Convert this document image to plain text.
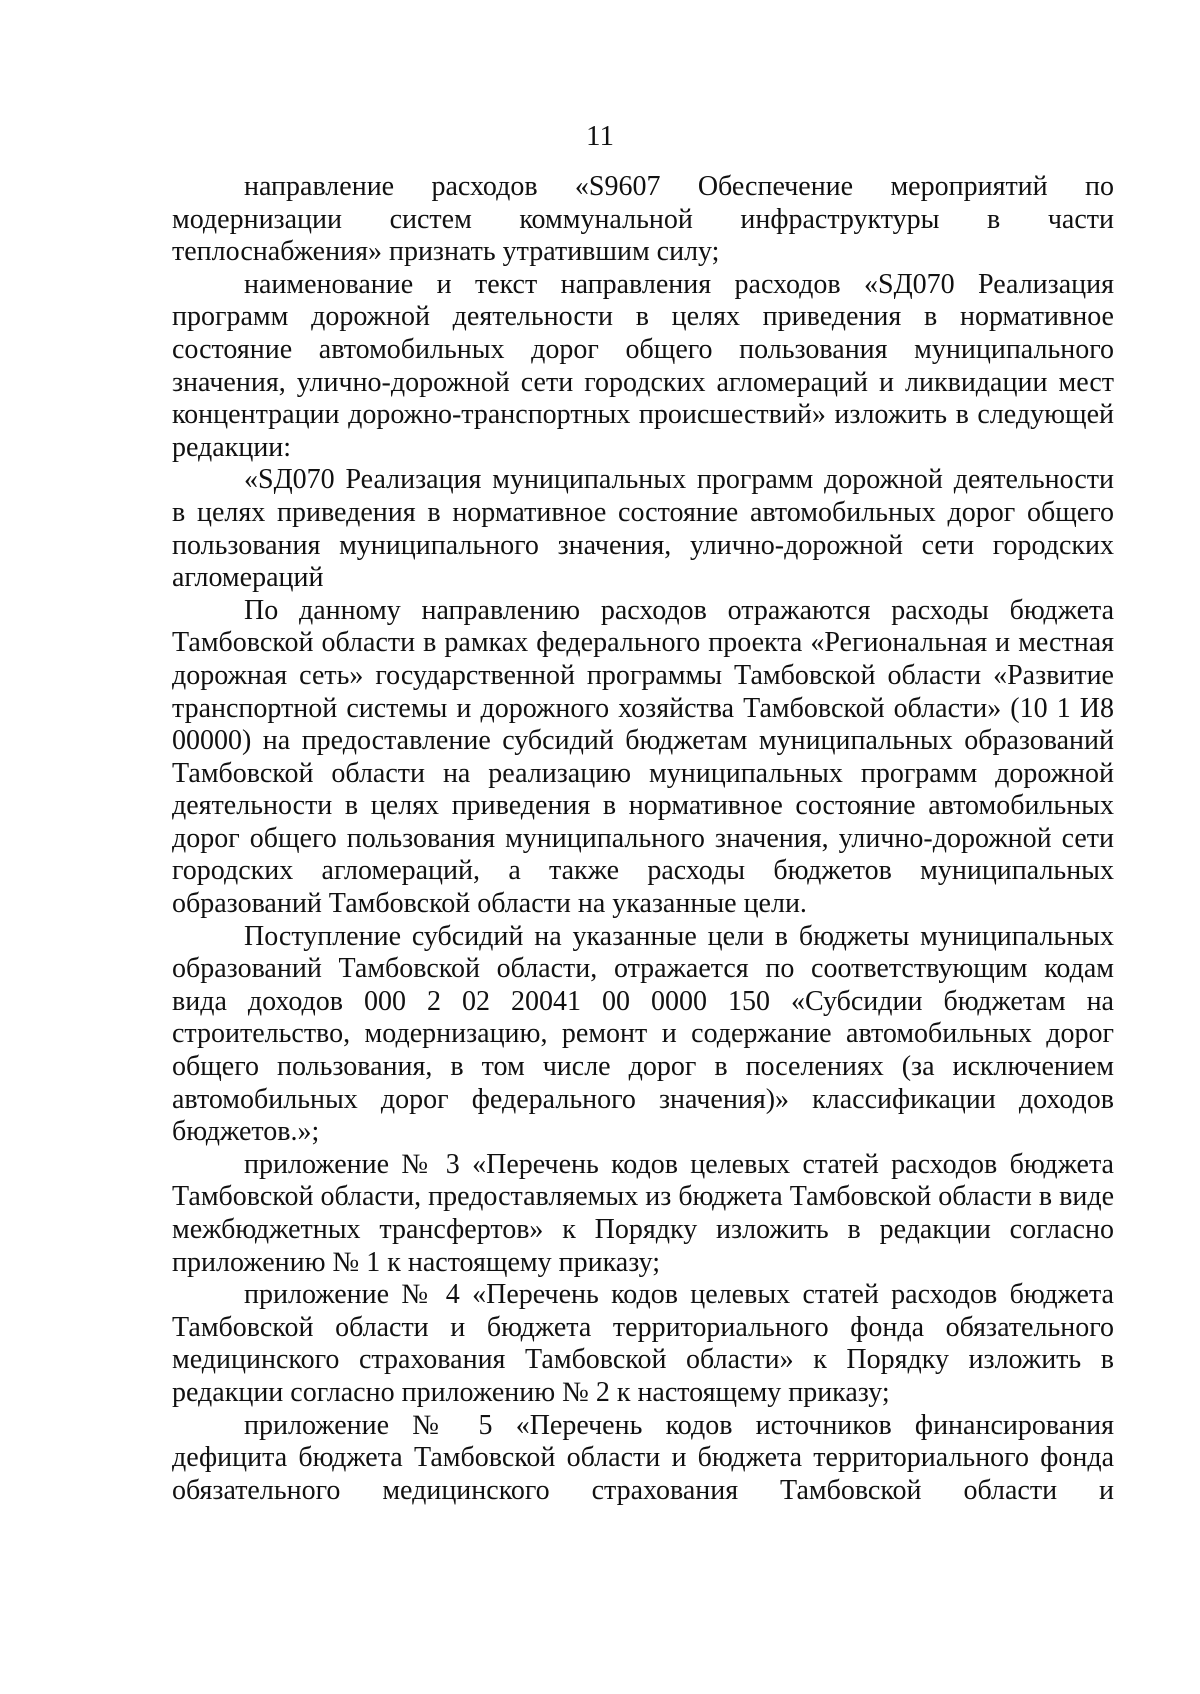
11

направление расходов «S9607 Обеспечение мероприятий по модернизации систем коммунальной инфраструктуры в части теплоснабжения» признать утратившим силу;

наименование и текст направления расходов «SД070 Реализация программ дорожной деятельности в целях приведения в нормативное состояние автомобильных дорог общего пользования муниципального значения, улично-дорожной сети городских агломераций и ликвидации мест концентрации дорожно-транспортных происшествий» изложить в следующей редакции:

«SД070 Реализация муниципальных программ дорожной деятельности в целях приведения в нормативное состояние автомобильных дорог общего пользования муниципального значения, улично-дорожной сети городских агломераций

По данному направлению расходов отражаются расходы бюджета Тамбовской области в рамках федерального проекта «Региональная и местная дорожная сеть» государственной программы Тамбовской области «Развитие транспортной системы и дорожного хозяйства Тамбовской области» (10 1 И8 00000) на предоставление субсидий бюджетам муниципальных образований Тамбовской области на реализацию муниципальных программ дорожной деятельности в целях приведения в нормативное состояние автомобильных дорог общего пользования муниципального значения, улично-дорожной сети городских агломераций, а также расходы бюджетов муниципальных образований Тамбовской области на указанные цели.

Поступление субсидий на указанные цели в бюджеты муниципальных образований Тамбовской области, отражается по соответствующим кодам вида доходов 000 2 02 20041 00 0000 150 «Субсидии бюджетам на строительство, модернизацию, ремонт и содержание автомобильных дорог общего пользования, в том числе дорог в поселениях (за исключением автомобильных дорог федерального значения)» классификации доходов бюджетов.»;

приложение № 3 «Перечень кодов целевых статей расходов бюджета Тамбовской области, предоставляемых из бюджета Тамбовской области в виде межбюджетных трансфертов» к Порядку изложить в редакции согласно приложению № 1 к настоящему приказу;

приложение № 4 «Перечень кодов целевых статей расходов бюджета Тамбовской области и бюджета территориального фонда обязательного медицинского страхования Тамбовской области» к Порядку изложить в редакции согласно приложению № 2 к настоящему приказу;

приложение № 5 «Перечень кодов источников финансирования дефицита бюджета Тамбовской области и бюджета территориального фонда обязательного медицинского страхования Тамбовской области и
